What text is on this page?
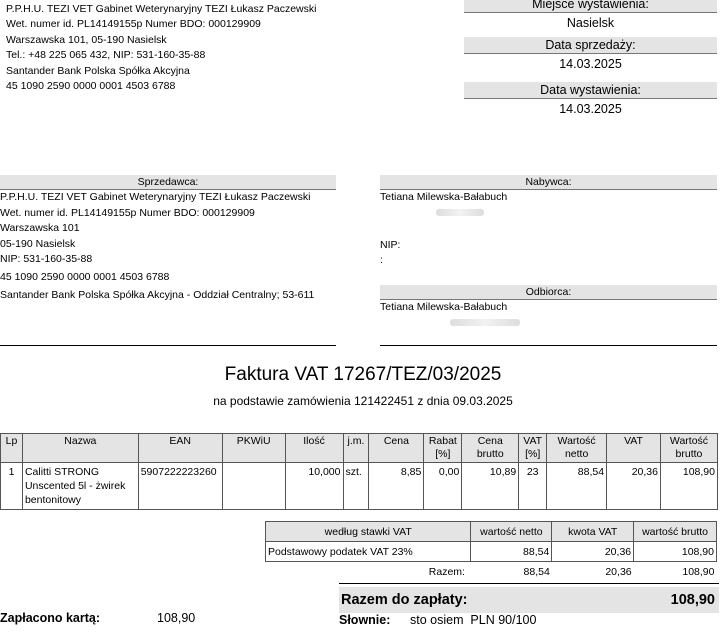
P.P.H.U. TEZI VET Gabinet Weterynaryjny TEZI Łukasz Paczewski
Wet. numer id. PL14149155p Numer BDO: 000129909
Warszawska 101, 05-190 Nasielsk
Tel.: +48 225 065 432, NIP: 531-160-35-88
Santander Bank Polska Spółka Akcyjna
45 1090 2590 0000 0001 4503 6788
Miejsce wystawienia:
Nasielsk
Data sprzedaży:
14.03.2025
Data wystawienia:
14.03.2025
Sprzedawca:
P.P.H.U. TEZI VET Gabinet Weterynaryjny TEZI Łukasz Paczewski
Wet. numer id. PL14149155p Numer BDO: 000129909
Warszawska 101
05-190 Nasielsk
NIP: 531-160-35-88
45 1090 2590 0000 0001 4503 6788
Santander Bank Polska Spółka Akcyjna - Oddział Centralny; 53-611
Nabywca:
Tetiana Milewska-Bałabuch
NIP:
:
Odbiorca:
Tetiana Milewska-Bałabuch
Faktura VAT 17267/TEZ/03/2025
na podstawie zamówienia 121422451 z dnia 09.03.2025
Lp	Nazwa	EAN	PKWiU	Ilość	j.m.	Cena	Rabat [%]	Cena brutto	VAT [%]	Wartość netto	VAT	Wartość brutto
1	Calitti STRONG Unscented 5l - żwirek bentonitowy	5907222223260		10,000	szt.	8,85	0,00	10,89	23	88,54	20,36	108,90
według stawki VAT	wartość netto	kwota VAT	wartość brutto
Podstawowy podatek VAT 23%	88,54	20,36	108,90
Razem:	88,54	20,36	108,90
Razem do zapłaty:	108,90
Zapłacono kartą:	108,90	Słownie: sto osiem  PLN 90/100
